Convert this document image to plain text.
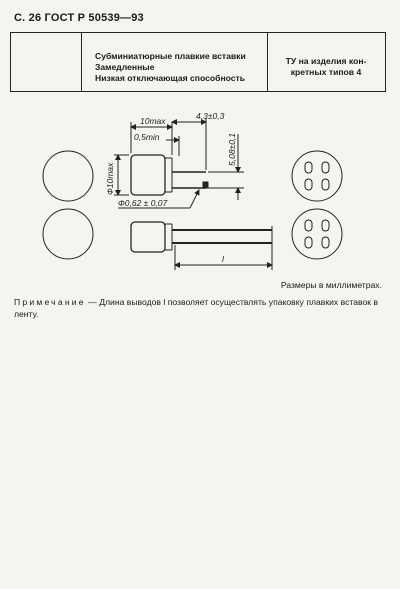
С. 26 ГОСТ Р 50539—93
Субминиатюрные плавкие вставки
Замедленные
Низкая отключающая способность
ТУ на изделия кон-
кретных типов 4
10max
0,5min
4,3±0,3
5,08±0,1
Ф10max
Ф0,62 ± 0,07
l
Размеры в миллиметрах.
Примечание — Длина выводов l позволяет осуществлять упаковку плавких вставок в ленту.
